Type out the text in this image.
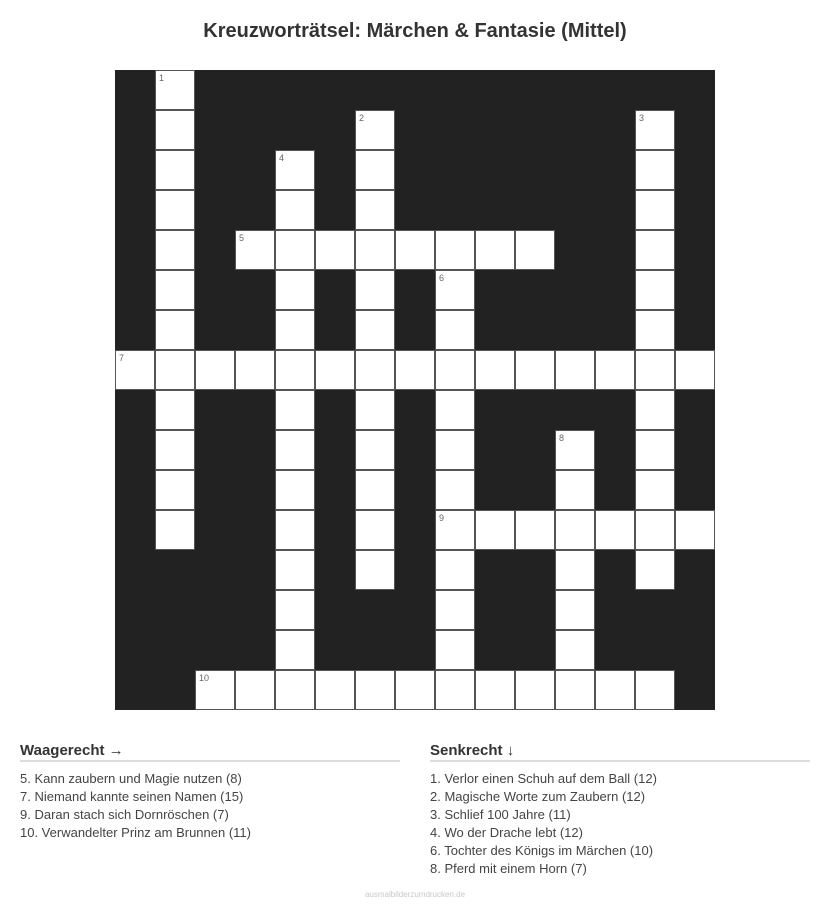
Kreuzworträtsel: Märchen & Fantasie (Mittel)
1
2	3
4
5
6
7
8
9
10
Waagerecht →
5. Kann zaubern und Magie nutzen (8)
7. Niemand kannte seinen Namen (15)
9. Daran stach sich Dornröschen (7)
10. Verwandelter Prinz am Brunnen (11)
Senkrecht ↓
1. Verlor einen Schuh auf dem Ball (12)
2. Magische Worte zum Zaubern (12)
3. Schlief 100 Jahre (11)
4. Wo der Drache lebt (12)
6. Tochter des Königs im Märchen (10)
8. Pferd mit einem Horn (7)
ausmalbilderzumdrucken.de
